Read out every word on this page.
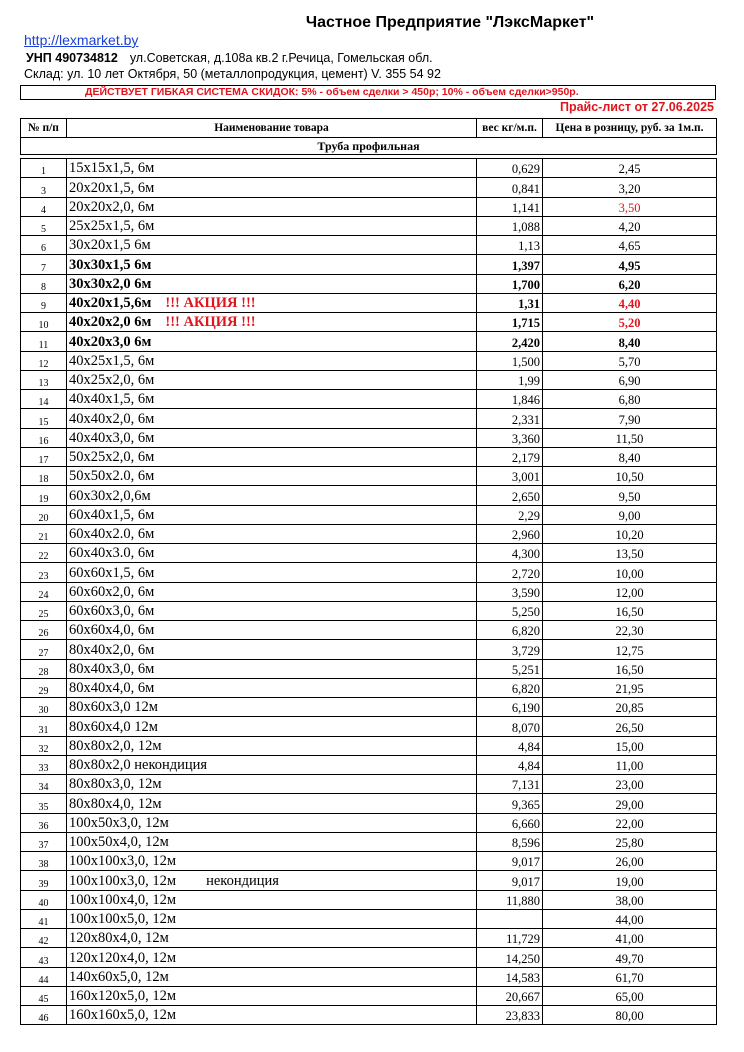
Частное Предприятие "ЛэксМаркет"
http://lexmarket.by
УНП 490734812 ул.Советская, д.108а кв.2 г.Речица, Гомельская обл.
Склад: ул. 10 лет Октября, 50 (металлопродукция, цемент) V. 355 54 92
ДЕЙСТВУЕТ ГИБКАЯ СИСТЕМА СКИДОК: 5% - объем сделки > 450р; 10% - объем сделки>950р.
Прайс-лист от 27.06.2025
№ п/п	Наименование товара	вес кг/м.п.	Цена в розницу, руб. за 1м.п.
Труба профильная			

1	15х15х1,5, 6м	0,629	2,45
3	20х20х1,5, 6м	0,841	3,20
4	20х20х2,0, 6м	1,141	3,50
5	25х25х1,5, 6м	1,088	4,20
6	30х20х1,5 6м	1,13	4,65
7	30х30х1,5 6м	1,397	4,95
8	30х30х2,0 6м	1,700	6,20
9	40х20х1,5,6м !!! АКЦИЯ !!!	1,31	4,40
10	40х20х2,0 6м !!! АКЦИЯ !!!	1,715	5,20
11	40х20х3,0 6м	2,420	8,40
12	40х25х1,5, 6м	1,500	5,70
13	40х25х2,0, 6м	1,99	6,90
14	40х40х1,5, 6м	1,846	6,80
15	40х40х2,0, 6м	2,331	7,90
16	40х40х3,0, 6м	3,360	11,50
17	50х25х2,0, 6м	2,179	8,40
18	50х50х2.0, 6м	3,001	10,50
19	60х30х2,0,6м	2,650	9,50
20	60х40х1,5, 6м	2,29	9,00
21	60х40х2.0, 6м	2,960	10,20
22	60х40х3.0, 6м	4,300	13,50
23	60х60х1,5, 6м	2,720	10,00
24	60х60х2,0, 6м	3,590	12,00
25	60х60х3,0, 6м	5,250	16,50
26	60х60х4,0, 6м	6,820	22,30
27	80х40х2,0, 6м	3,729	12,75
28	80х40х3,0, 6м	5,251	16,50
29	80х40х4,0, 6м	6,820	21,95
30	80х60х3,0 12м	6,190	20,85
31	80х60х4,0 12м	8,070	26,50
32	80х80х2,0, 12м	4,84	15,00
33	80х80х2,0 некондиция	4,84	11,00
34	80х80х3,0, 12м	7,131	23,00
35	80х80х4,0, 12м	9,365	29,00
36	100х50х3,0, 12м	6,660	22,00
37	100х50х4,0, 12м	8,596	25,80
38	100х100х3,0, 12м	9,017	26,00
39	100х100х3,0, 12м некондиция	9,017	19,00
40	100х100х4,0, 12м	11,880	38,00
41	100х100х5,0, 12м		44,00
42	120х80х4,0, 12м	11,729	41,00
43	120х120х4,0, 12м	14,250	49,70
44	140х60х5,0, 12м	14,583	61,70
45	160х120х5,0, 12м	20,667	65,00
46	160х160х5,0, 12м	23,833	80,00
